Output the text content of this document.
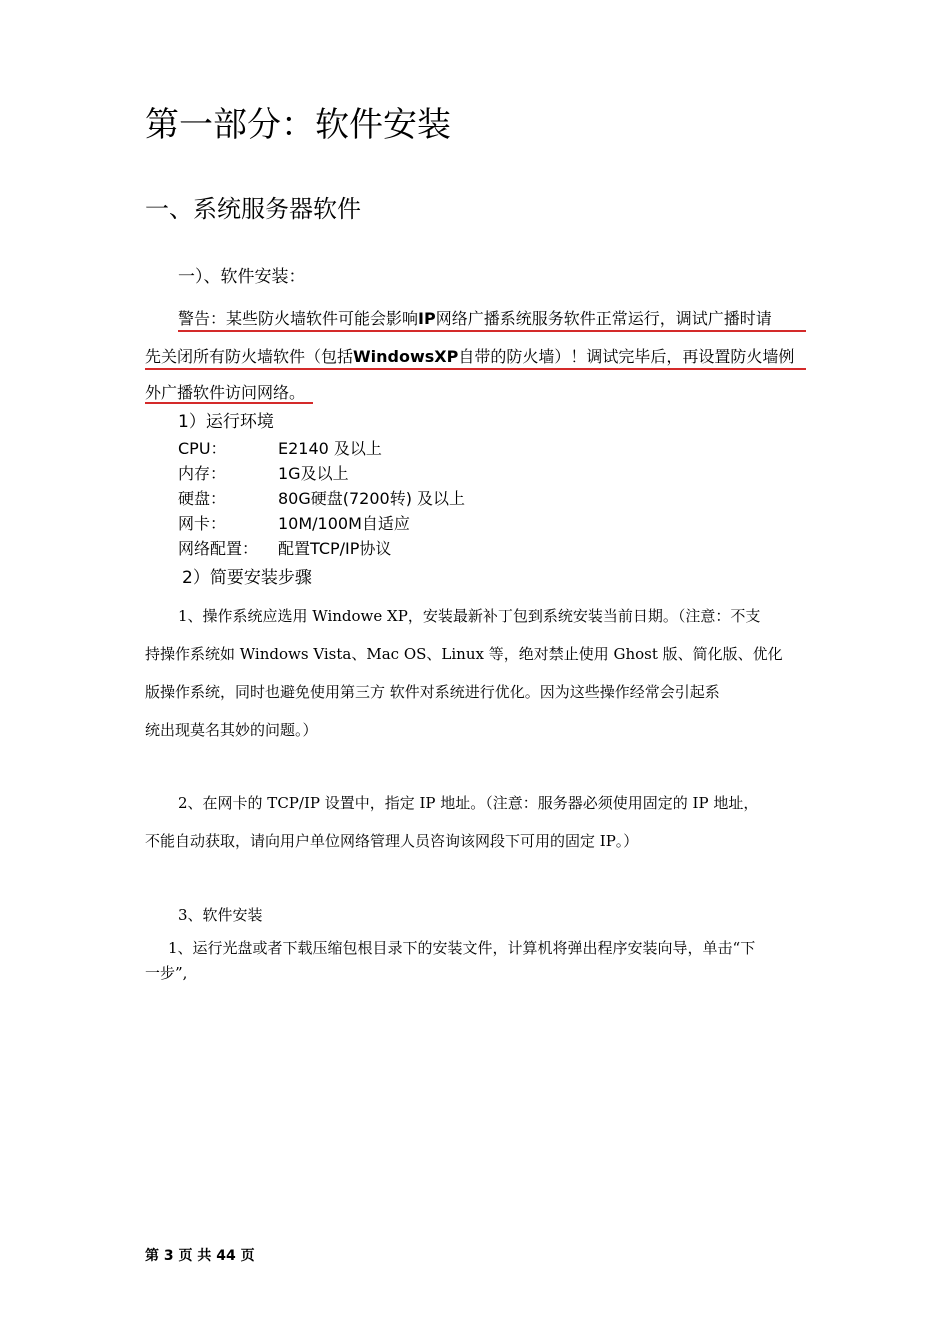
第一部分：软件安装
一、系统服务器软件
一）、软件安装：
警告：某些防火墙软件可能会影响IP网络广播系统服务软件正常运行，调试广播时请
先关闭所有防火墙软件（包括WindowsXP自带的防火墙）！调试完毕后，再设置防火墙例
外广播软件访问网络。
1）运行环境
CPU：	E2140 及以上
内存：	1G及以上
硬盘：	80G硬盘(7200转) 及以上
网卡：	10M/100M自适应
网络配置： 配置TCP/IP协议
2）简要安装步骤
1、操作系统应选用 Windowe XP，安装最新补丁包到系统安装当前日期。（注意：不支
持操作系统如 Windows Vista、Mac OS、Linux 等，绝对禁止使用 Ghost 版、简化版、优化
版操作系统，同时也避免使用第三方 软件对系统进行优化。因为这些操作经常会引起系
统出现莫名其妙的问题。）
2、在网卡的 TCP/IP 设置中，指定 IP 地址。（注意：服务器必须使用固定的 IP 地址，
不能自动获取，请向用户单位网络管理人员咨询该网段下可用的固定 IP。）
3、软件安装
1、运行光盘或者下载压缩包根目录下的安装文件，计算机将弹出程序安装向导，单击“下
一步”,
第 3 页 共 44 页
